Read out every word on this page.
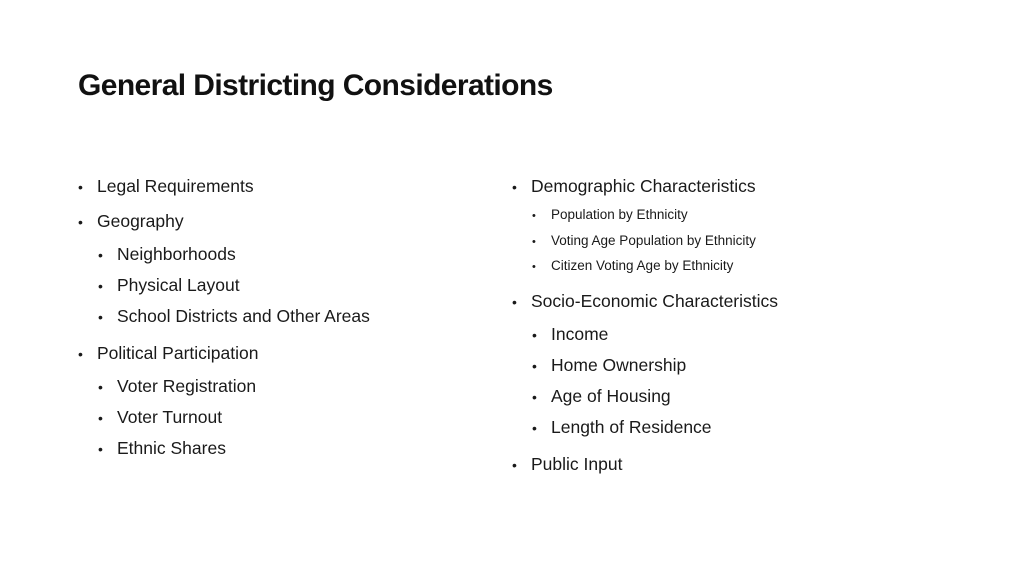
General Districting Considerations
• Legal Requirements
• Geography
• Neighborhoods
• Physical Layout
• School Districts and Other Areas
• Political Participation
• Voter Registration
• Voter Turnout
• Ethnic Shares
• Demographic Characteristics
•	Population by Ethnicity
•	Voting Age Population by Ethnicity
•	Citizen Voting Age by Ethnicity
• Socio-Economic Characteristics
• Income
• Home Ownership
• Age of Housing
• Length of Residence
• Public Input
